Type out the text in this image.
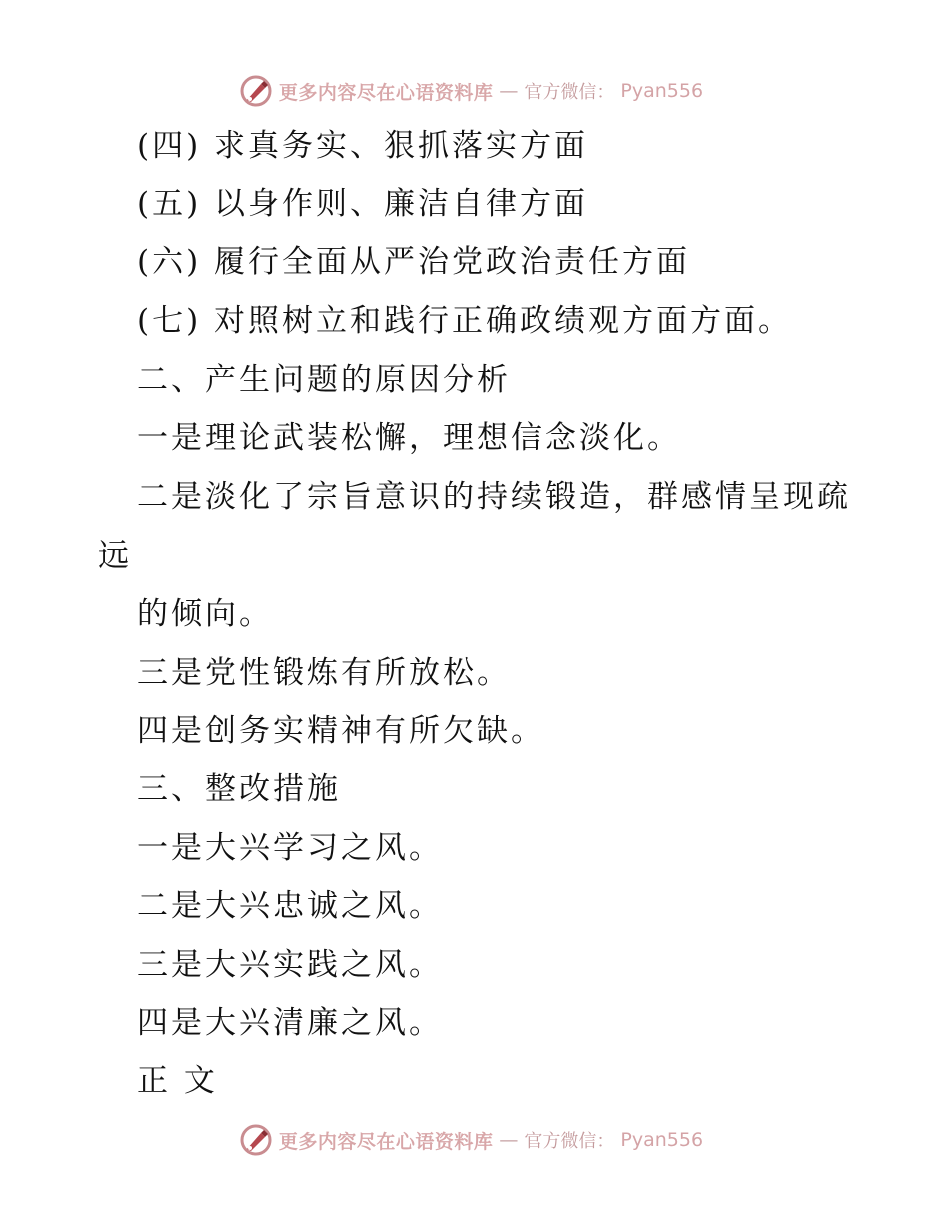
更多内容尽在心语资料库 — 官方微信： Pyan556
(四) 求真务实、狠抓落实方面
(五) 以身作则、廉洁自律方面
(六) 履行全面从严治党政治责任方面
(七) 对照树立和践行正确政绩观方面方面。
二、产生问题的原因分析
一是理论武装松懈，理想信念淡化。
二是淡化了宗旨意识的持续锻造，群感情呈现疏
远
的倾向。
三是党性锻炼有所放松。
四是创务实精神有所欠缺。
三、整改措施
一是大兴学习之风。
二是大兴忠诚之风。
三是大兴实践之风。
四是大兴清廉之风。
正 文
更多内容尽在心语资料库 — 官方微信： Pyan556
